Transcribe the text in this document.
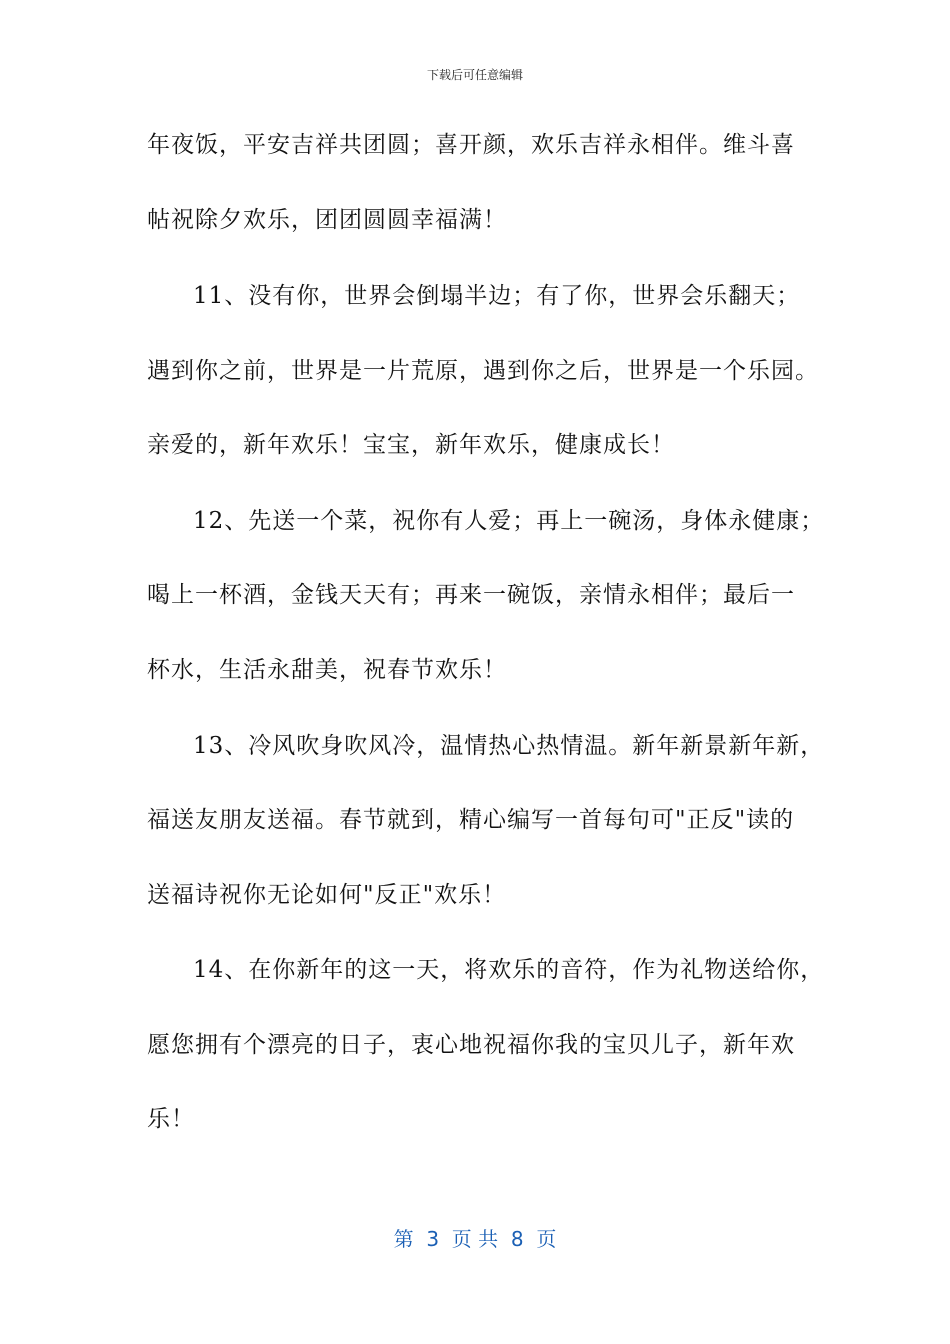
下载后可任意编辑
年夜饭，平安吉祥共团圆；喜开颜，欢乐吉祥永相伴。维斗喜
帖祝除夕欢乐，团团圆圆幸福满！
11、没有你，世界会倒塌半边；有了你，世界会乐翻天；
遇到你之前，世界是一片荒原，遇到你之后，世界是一个乐园。
亲爱的，新年欢乐！宝宝，新年欢乐，健康成长！
12、先送一个菜，祝你有人爱；再上一碗汤，身体永健康；
喝上一杯酒，金钱天天有；再来一碗饭，亲情永相伴；最后一
杯水，生活永甜美，祝春节欢乐！
13、冷风吹身吹风冷，温情热心热情温。新年新景新年新，
福送友朋友送福。春节就到，精心编写一首每句可"正反"读的
送福诗祝你无论如何"反正"欢乐！
14、在你新年的这一天，将欢乐的音符，作为礼物送给你，
愿您拥有个漂亮的日子，衷心地祝福你我的宝贝儿子，新年欢
乐！
第  3  页 共  8  页
